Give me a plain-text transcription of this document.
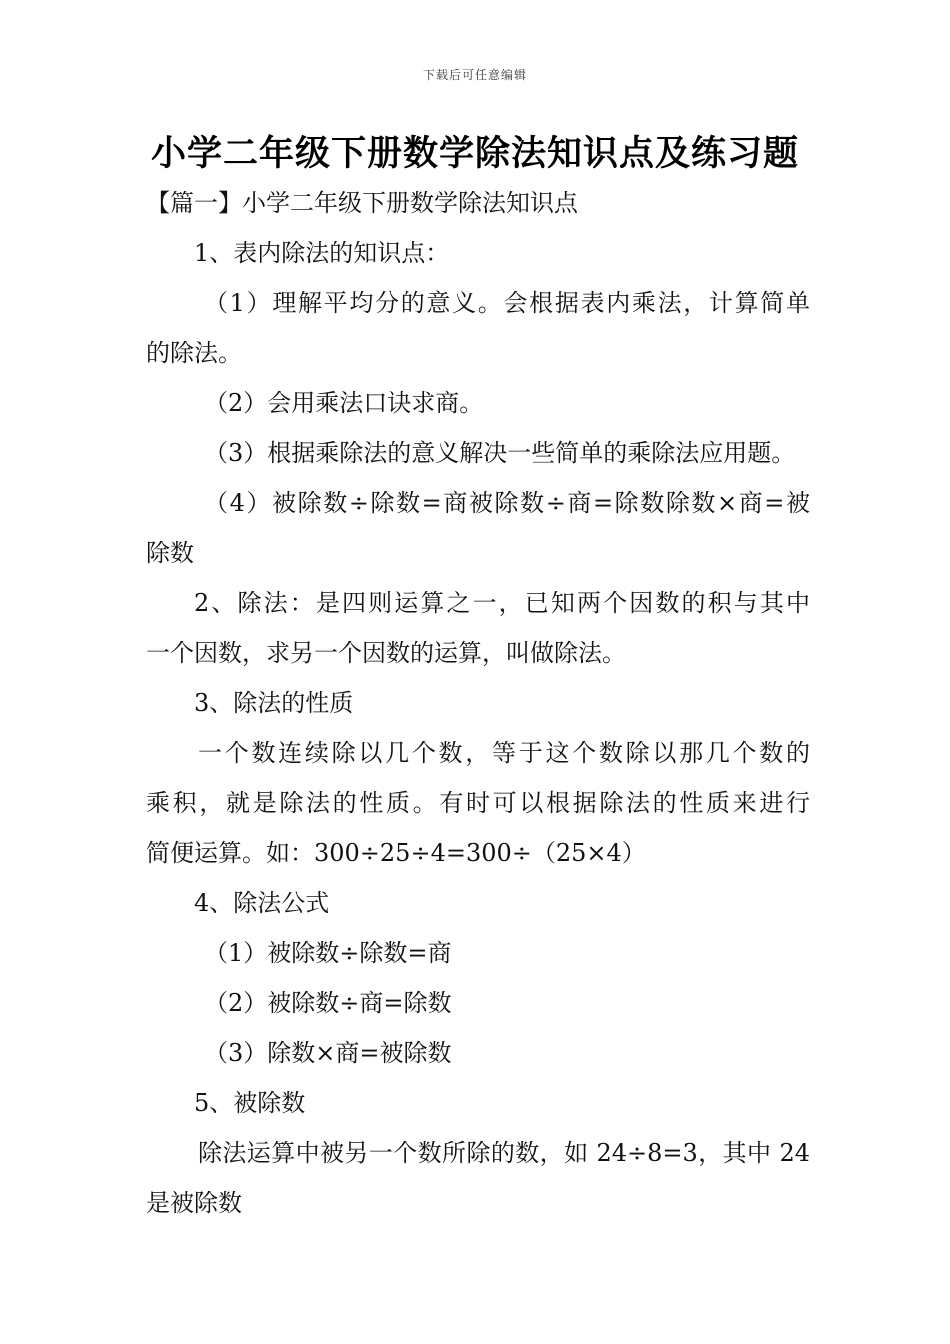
下载后可任意编辑
小学二年级下册数学除法知识点及练习题
【篇一】小学二年级下册数学除法知识点
1、表内除法的知识点：
（1）理解平均分的意义。会根据表内乘法，计算简单
的除法。
（2）会用乘法口诀求商。
（3）根据乘除法的意义解决一些简单的乘除法应用题。
（4）被除数÷除数=商被除数÷商=除数除数×商=被
除数
2、除法：是四则运算之一，已知两个因数的积与其中
一个因数，求另一个因数的运算，叫做除法。
3、除法的性质
一个数连续除以几个数，等于这个数除以那几个数的
乘积，就是除法的性质。有时可以根据除法的性质来进行
简便运算。如：300÷25÷4=300÷（25×4）
4、除法公式
（1）被除数÷除数=商
（2）被除数÷商=除数
（3）除数×商=被除数
5、被除数
除法运算中被另一个数所除的数，如 24÷8=3，其中 24
是被除数
